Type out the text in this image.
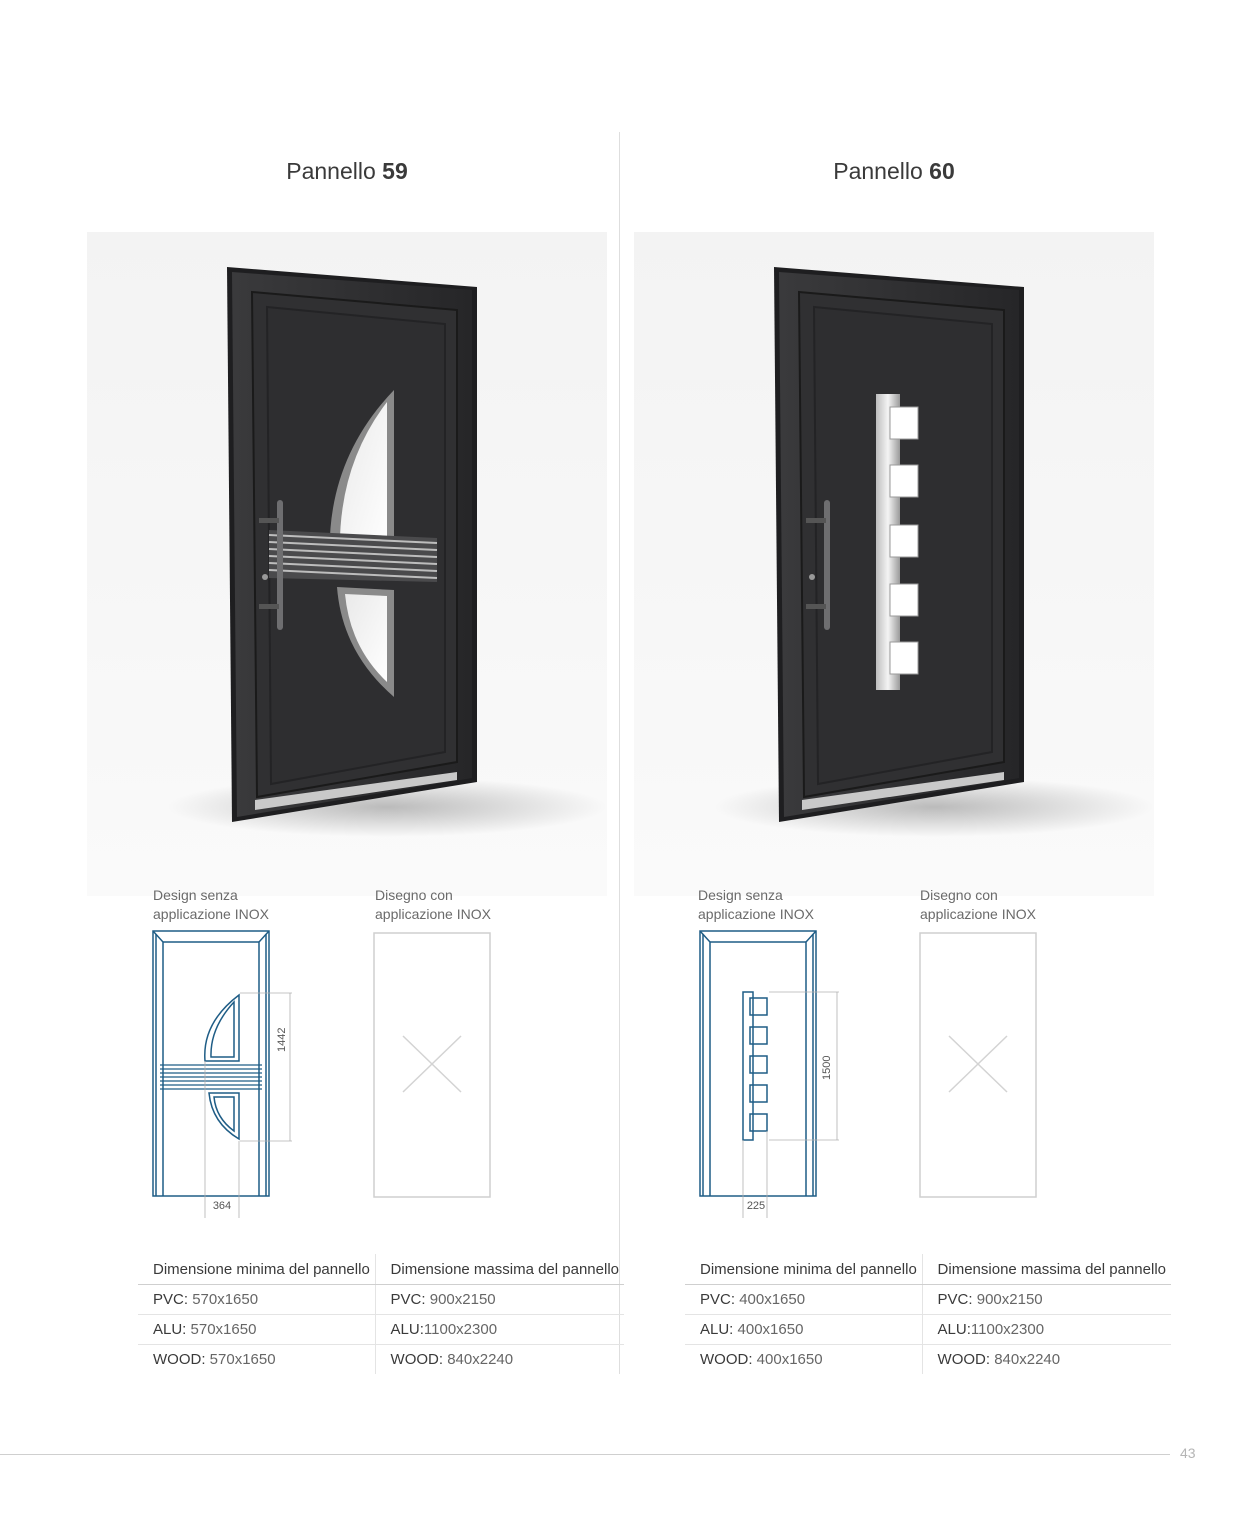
Pannello 59
Design senza
applicazione INOX
Disegno con
applicazione INOX
1442
364
Dimensione minima del pannello	Dimensione massima del pannello
PVC: 570x1650	PVC: 900x2150
ALU: 570x1650	ALU:1100x2300
WOOD: 570x1650	WOOD: 840x2240
Pannello 60
Design senza
applicazione INOX
Disegno con
applicazione INOX
1500
225
Dimensione minima del pannello	Dimensione massima del pannello
PVC: 400x1650	PVC: 900x2150
ALU: 400x1650	ALU:1100x2300
WOOD: 400x1650	WOOD: 840x2240
43
